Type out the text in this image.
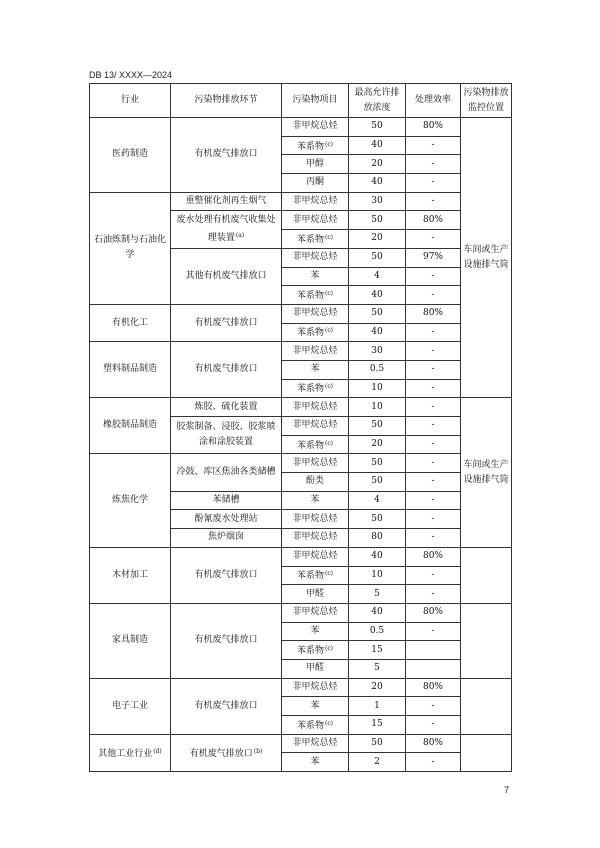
DB 13/ XXXX—2024
行业	污染物排放环节	污染物项目	最高允许排放浓度	处理效率	污染物排放监控位置
医药制造	有机废气排放口	非甲烷总烃	50	80%	车间或生产设施排气筒
		苯系物$^{(c)}$	40	-	
		甲醇	20	-	
		丙酮	40	-	
石油炼制与石油化学	重整催化剂再生烟气	非甲烷总烃	30	-	
	废水处理有机废气收集处理装置$^{(a)}$	非甲烷总烃	50	80%	
		苯系物$^{(c)}$	20	-	
	其他有机废气排放口	非甲烷总烃	50	97%	
		苯	4	-	
		苯系物$^{(c)}$	40	-	
有机化工	有机废气排放口	非甲烷总烃	50	80%	
		苯系物$^{(c)}$	40	-	
塑料制品制造	有机废气排放口	非甲烷总烃	30	-	
		苯	0.5	-	
		苯系物$^{(c)}$	10	-	
橡胶制品制造	炼胶、硫化装置	非甲烷总烃	10	-	车间或生产设施排气筒
	胶浆制备、浸胶、胶浆喷涂和涂胶装置	非甲烷总烃	50	-	
		苯系物$^{(c)}$	20	-	
炼焦化学	冷鼓、库区焦油各类储槽	非甲烷总烃	50	-	
		酚类	50	-	
	苯储槽	苯	4	-	
	酚氰废水处理站	非甲烷总烃	50	-	
	焦炉烟囱	非甲烷总烃	80	-	
木材加工	有机废气排放口	非甲烷总烃	40	80%	
		苯系物$^{(c)}$	10	-	
		甲醛	5	-	
家具制造	有机废气排放口	非甲烷总烃	40	80%	
		苯	0.5	-	
		苯系物$^{(c)}$	15		
		甲醛	5		
电子工业	有机废气排放口	非甲烷总烃	20	80%	
		苯	1	-	
		苯系物$^{(c)}$	15	-	
其他工业行业$^{(d)}$	有机废气排放口$^{(b)}$	非甲烷总烃	50	80%	
		苯	2	-	
7
